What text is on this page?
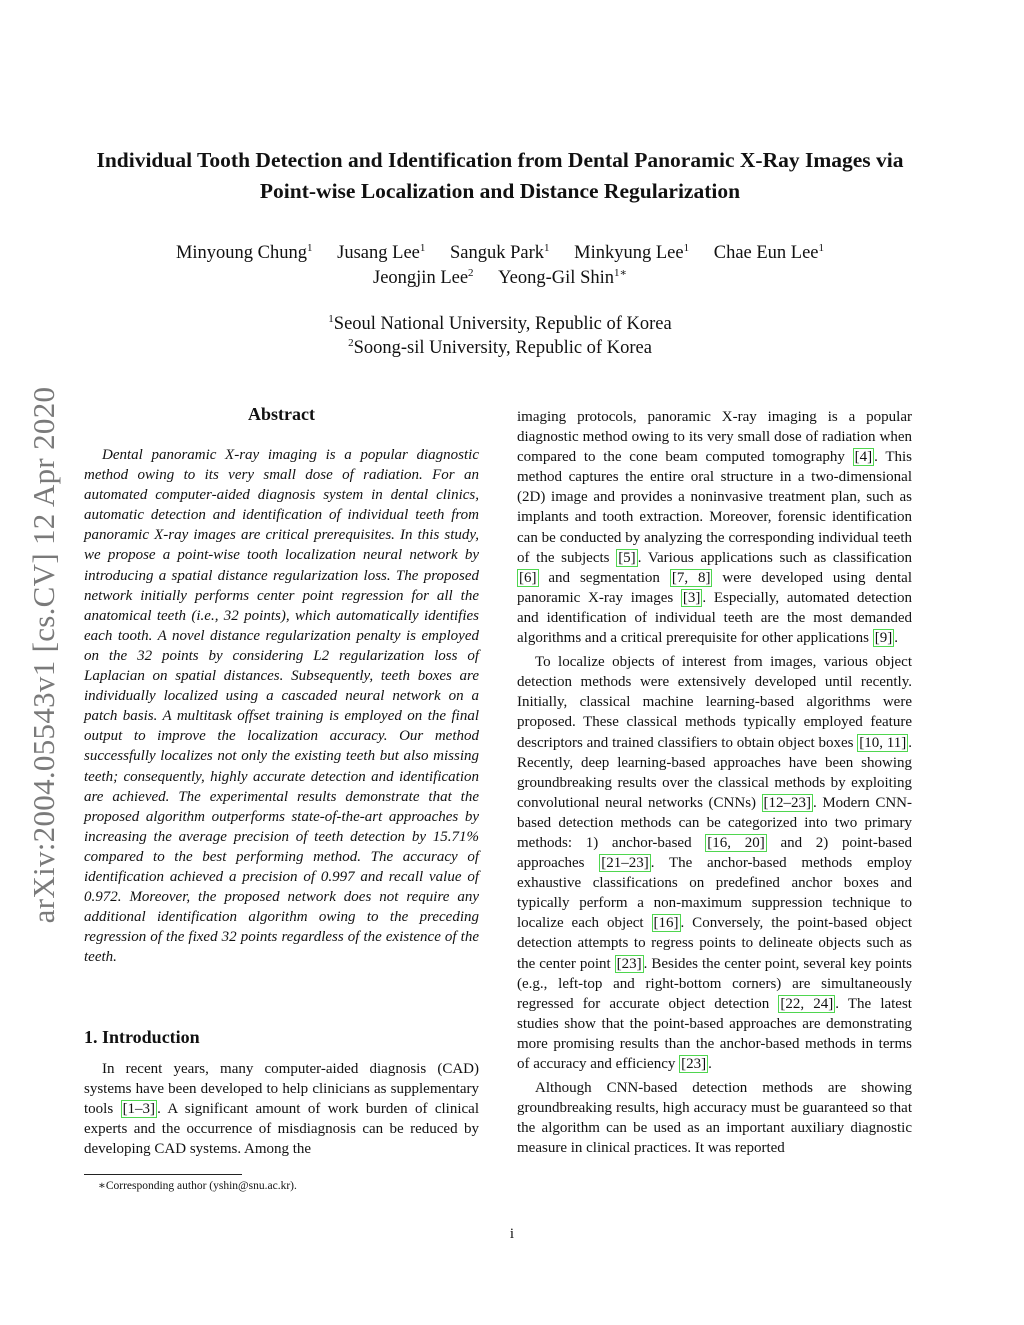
arXiv:2004.05543v1 [cs.CV] 12 Apr 2020
Individual Tooth Detection and Identification from Dental Panoramic X-Ray Images via Point-wise Localization and Distance Regularization
Minyoung Chung$^1$ Jusang Lee$^1$ Sanguk Park$^1$ Minkyung Lee$^1$ Chae Eun Lee$^1$
Jeongjin Lee$^2$ Yeong-Gil Shin$^{1∗}$
$^1$Seoul National University, Republic of Korea
$^2$Soong-sil University, Republic of Korea
Abstract

Dental panoramic X-ray imaging is a popular diagnostic method owing to its very small dose of radiation. For an automated computer-aided diagnosis system in dental clinics, automatic detection and identification of individual teeth from panoramic X-ray images are critical prerequisites. In this study, we propose a point-wise tooth localization neural network by introducing a spatial distance regularization loss. The proposed network initially performs center point regression for all the anatomical teeth (i.e., 32 points), which automatically identifies each tooth. A novel distance regularization penalty is employed on the 32 points by considering L2 regularization loss of Laplacian on spatial distances. Subsequently, teeth boxes are individually localized using a cascaded neural network on a patch basis. A multitask offset training is employed on the final output to improve the localization accuracy. Our method successfully localizes not only the existing teeth but also missing teeth; consequently, highly accurate detection and identification are achieved. The experimental results demonstrate that the proposed algorithm outperforms state-of-the-art approaches by increasing the average precision of teeth detection by 15.71% compared to the best performing method. The accuracy of identification achieved a precision of 0.997 and recall value of 0.972. Moreover, the proposed network does not require any additional identification algorithm owing to the preceding regression of the fixed 32 points regardless of the existence of the teeth.

1. Introduction

In recent years, many computer-aided diagnosis (CAD) systems have been developed to help clinicians as supplementary tools [1–3] . A significant amount of work burden of clinical experts and the occurrence of misdiagnosis can be reduced by developing CAD systems. Among the

∗Corresponding author (yshin@snu.ac.kr).

imaging protocols, panoramic X-ray imaging is a popular diagnostic method owing to its very small dose of radiation when compared to the cone beam computed tomography [4] . This method captures the entire oral structure in a two-dimensional (2D) image and provides a noninvasive treatment plan, such as implants and tooth extraction. Moreover, forensic identification can be conducted by analyzing the corresponding individual teeth of the subjects [5] . Various applications such as classification [6] and segmentation [7, 8] were developed using dental panoramic X-ray images [3] . Especially, automated detection and identification of individual teeth are the most demanded algorithms and a critical prerequisite for other applications [9] .

To localize objects of interest from images, various object detection methods were extensively developed until recently. Initially, classical machine learning-based algorithms were proposed. These classical methods typically employed feature descriptors and trained classifiers to obtain object boxes [10, 11] . Recently, deep learning-based approaches have been showing groundbreaking results over the classical methods by exploiting convolutional neural networks (CNNs) [12–23] . Modern CNN-based detection methods can be categorized into two primary methods: 1) anchor-based [16, 20] and 2) point-based approaches [21–23] . The anchor-based methods employ exhaustive classifications on predefined anchor boxes and typically perform a non-maximum suppression technique to localize each object [16] . Conversely, the point-based object detection attempts to regress points to delineate objects such as the center point [23] . Besides the center point, several key points (e.g., left-top and right-bottom corners) are simultaneously regressed for accurate object detection [22, 24] . The latest studies show that the point-based approaches are demonstrating more promising results than the anchor-based methods in terms of accuracy and efficiency [23] .

Although CNN-based detection methods are showing groundbreaking results, high accuracy must be guaranteed so that the algorithm can be used as an important auxiliary diagnostic measure in clinical practices. It was reported

i
